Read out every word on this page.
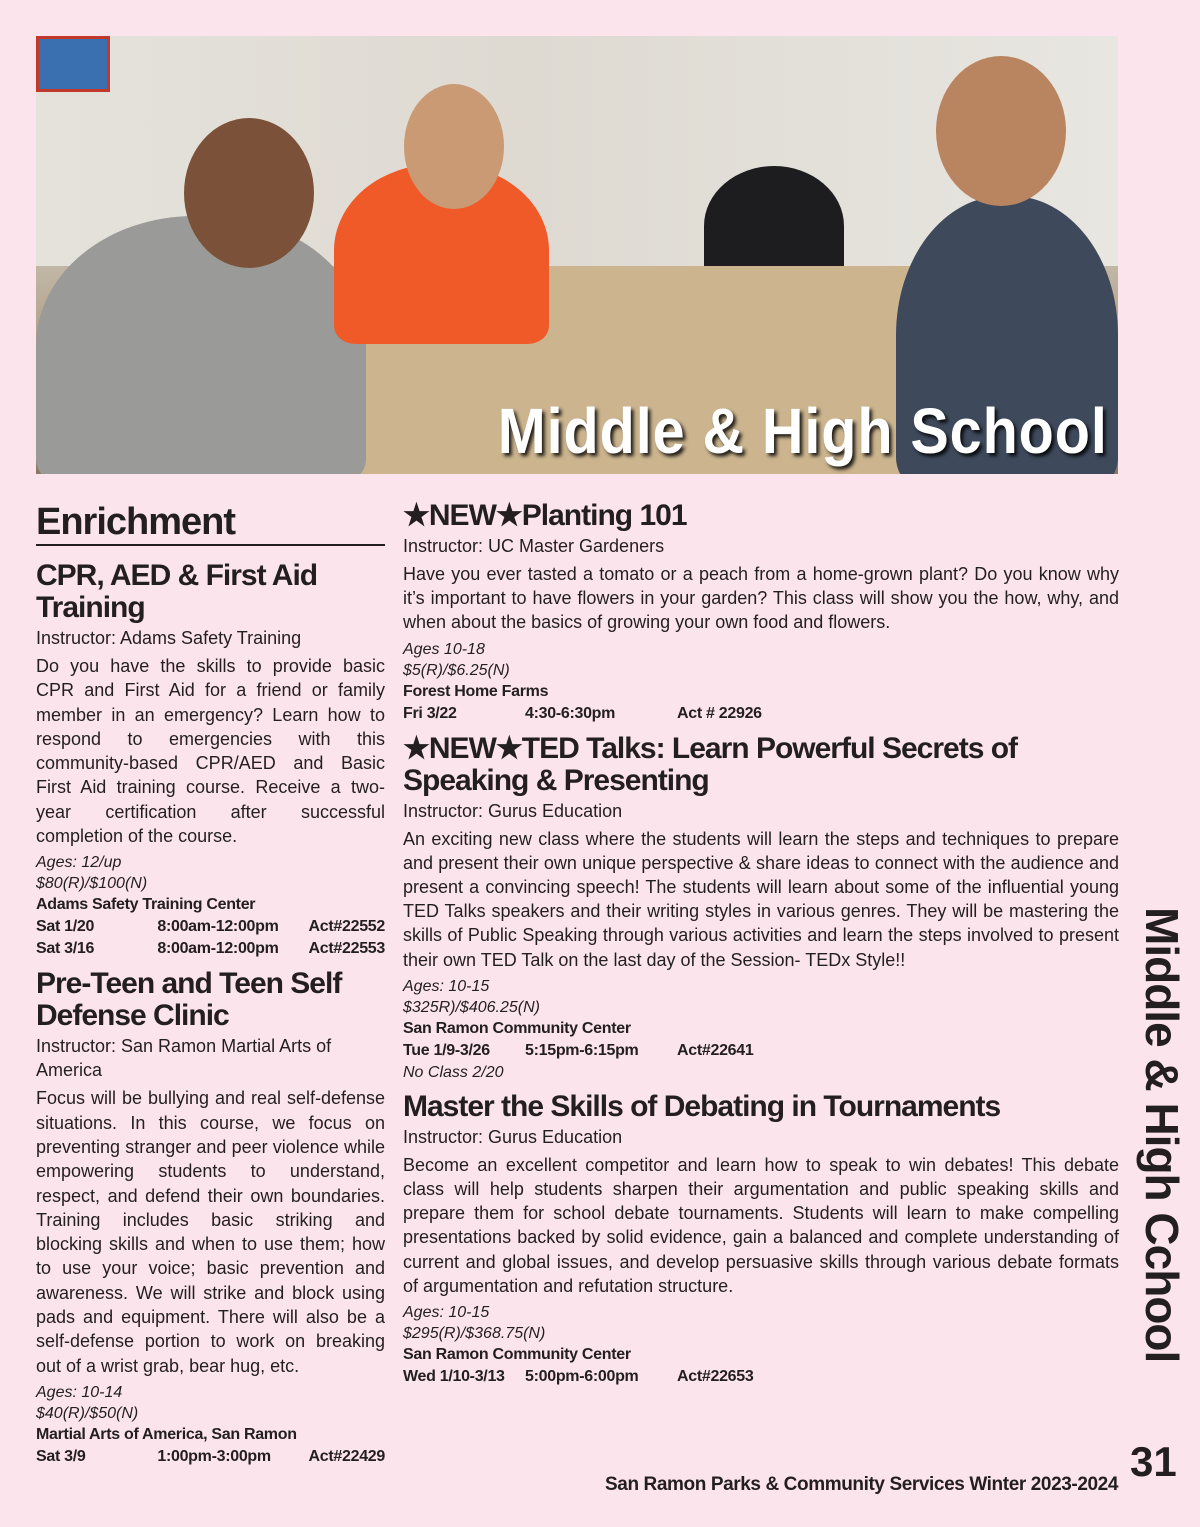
Middle & High School
Enrichment
CPR, AED & First Aid Training
Instructor: Adams Safety Training
Do you have the skills to provide basic CPR and First Aid for a friend or family member in an emergency? Learn how to respond to emergencies with this community-based CPR/AED and Basic First Aid training course. Receive a two-year certification after successful completion of the course.
Ages: 12/up
$80(R)/$100(N)
Adams Safety Training Center
Sat 1/20	8:00am-12:00pm	Act#22552
Sat 3/16	8:00am-12:00pm	Act#22553
Pre-Teen and Teen Self Defense Clinic
Instructor: San Ramon Martial Arts of America
Focus will be bullying and real self-defense situations. In this course, we focus on preventing stranger and peer violence while empowering students to understand, respect, and defend their own boundaries. Training includes basic striking and blocking skills and when to use them; how to use your voice; basic prevention and awareness. We will strike and block using pads and equipment. There will also be a self-defense portion to work on breaking out of a wrist grab, bear hug, etc.
Ages: 10-14
$40(R)/$50(N)
Martial Arts of America, San Ramon
Sat 3/9	1:00pm-3:00pm	Act#22429
★NEW★Planting 101
Instructor: UC Master Gardeners
Have you ever tasted a tomato or a peach from a home-grown plant? Do you know why it’s important to have flowers in your garden? This class will show you the how, why, and when about the basics of growing your own food and flowers.
Ages 10-18
$5(R)/$6.25(N)
Forest Home Farms
Fri 3/22	4:30-6:30pm	Act # 22926
★NEW★TED Talks: Learn Powerful Secrets of Speaking & Presenting
Instructor: Gurus Education
An exciting new class where the students will learn the steps and techniques to prepare and present their own unique perspective & share ideas to connect with the audience and present a convincing speech! The students will learn about some of the influential young TED Talks speakers and their writing styles in various genres. They will be mastering the skills of Public Speaking through various activities and learn the steps involved to present their own TED Talk on the last day of the Session- TEDx Style!!
Ages: 10-15
$325R)/$406.25(N)
San Ramon Community Center
Tue 1/9-3/26	5:15pm-6:15pm	Act#22641
No Class 2/20
Master the Skills of Debating in Tournaments
Instructor: Gurus Education
Become an excellent competitor and learn how to speak to win debates! This debate class will help students sharpen their argumentation and public speaking skills and prepare them for school debate tournaments. Students will learn to make compelling presentations backed by solid evidence, gain a balanced and complete understanding of current and global issues, and develop persuasive skills through various debate formats of argumentation and refutation structure.
Ages: 10-15
$295(R)/$368.75(N)
San Ramon Community Center
Wed 1/10-3/13	5:00pm-6:00pm	Act#22653
Middle & High Cchool
31
San Ramon Parks & Community Services Winter 2023-2024
